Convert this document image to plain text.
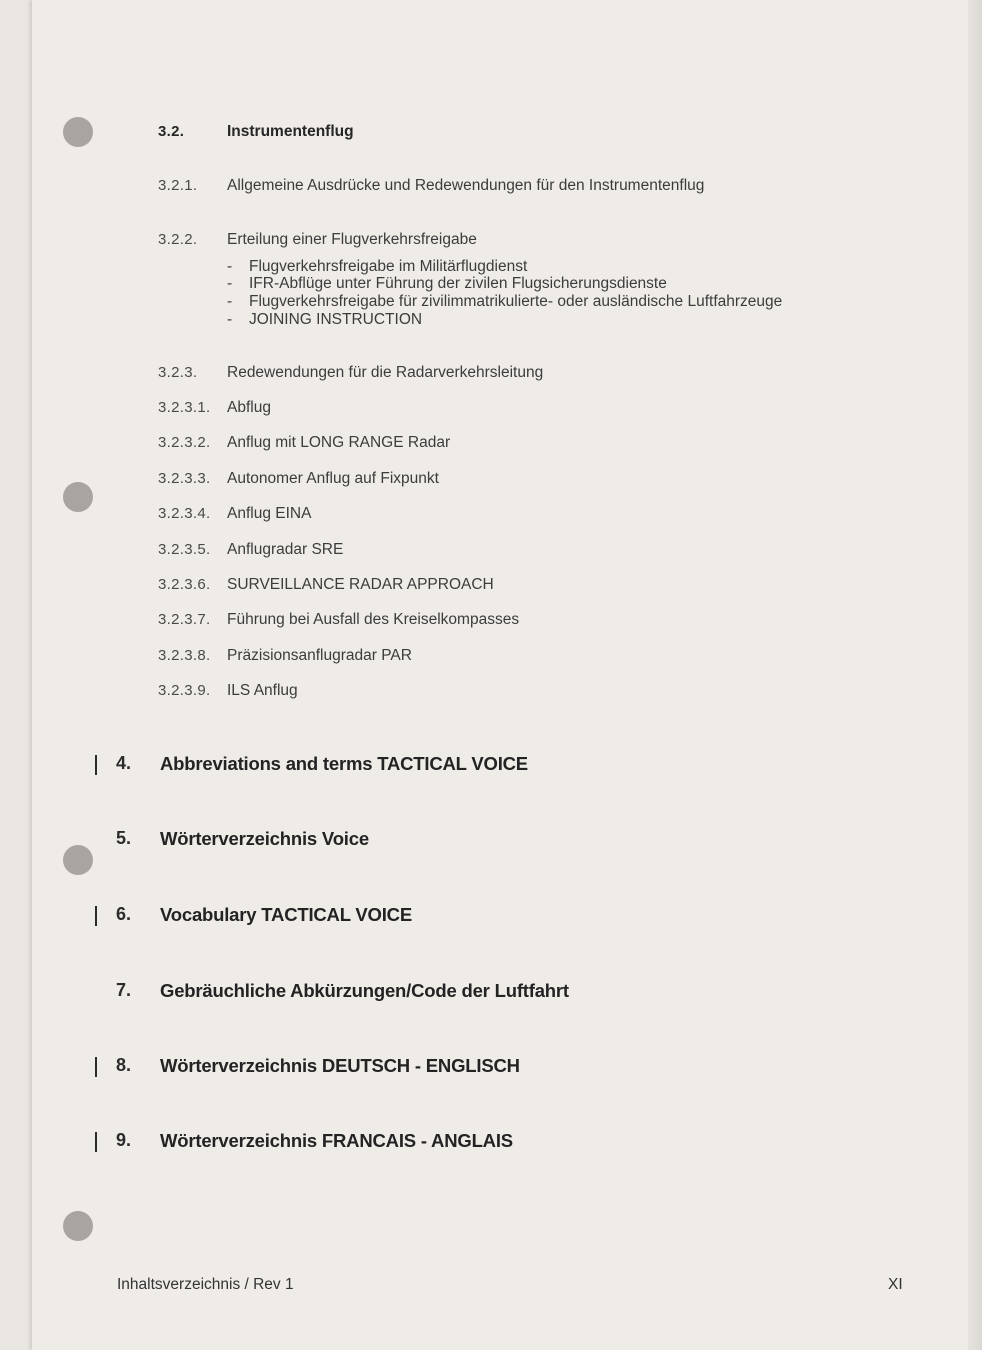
3.2.	Instrumentenflug
3.2.1. Allgemeine Ausdrücke und Redewendungen für den Instrumentenflug
3.2.2. Erteilung einer Flugverkehrsfreigabe
- Flugverkehrsfreigabe im Militärflugdienst
- IFR-Abflüge unter Führung der zivilen Flugsicherungsdienste
- Flugverkehrsfreigabe für zivilimmatrikulierte- oder ausländische Luftfahrzeuge
- JOINING INSTRUCTION
3.2.3. Redewendungen für die Radarverkehrsleitung
3.2.3.1. Abflug
3.2.3.2. Anflug mit LONG RANGE Radar
3.2.3.3. Autonomer Anflug auf Fixpunkt
3.2.3.4. Anflug EINA
3.2.3.5. Anflugradar SRE
3.2.3.6. SURVEILLANCE RADAR APPROACH
3.2.3.7. Führung bei Ausfall des Kreiselkompasses
3.2.3.8. Präzisionsanflugradar PAR
3.2.3.9. ILS Anflug
4. Abbreviations and terms TACTICAL VOICE
5. Wörterverzeichnis Voice
6. Vocabulary TACTICAL VOICE
7. Gebräuchliche Abkürzungen/Code der Luftfahrt
8. Wörterverzeichnis DEUTSCH - ENGLISCH
9. Wörterverzeichnis FRANCAIS - ANGLAIS
Inhaltsverzeichnis / Rev 1	XI
